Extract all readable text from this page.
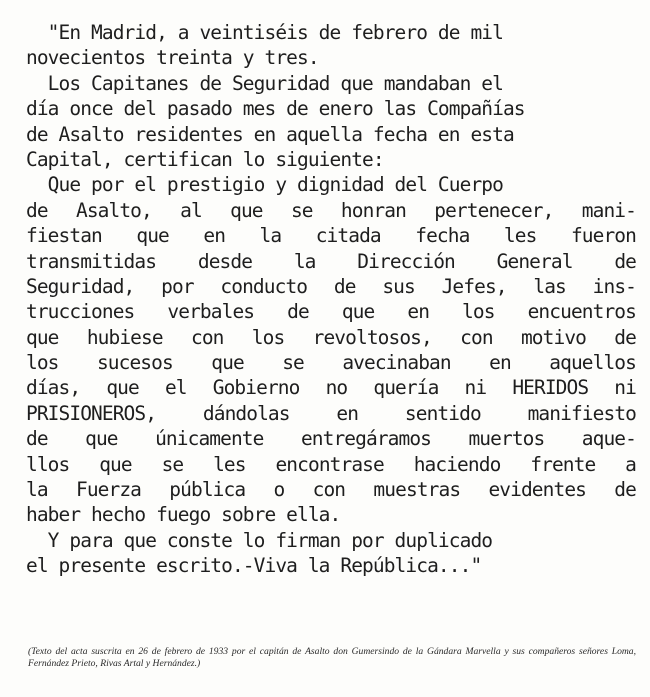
"En Madrid, a veintiséis de febrero de mil
novecientos treinta y tres.
Los Capitanes de Seguridad que mandaban el
día once del pasado mes de enero las Compañías
de Asalto residentes en aquella fecha en esta
Capital, certifican lo siguiente:
Que por el prestigio y dignidad del Cuerpo
de Asalto, al que se honran pertenecer, mani-
fiestan que en la citada fecha les fueron
transmitidas desde la Dirección General de
Seguridad, por conducto de sus Jefes, las ins-
trucciones verbales de que en los encuentros
que hubiese con los revoltosos, con motivo de
los sucesos que se avecinaban en aquellos
días, que el Gobierno no quería ni HERIDOS ni
PRISIONEROS, dándolas en sentido manifiesto
de que únicamente entregáramos muertos aque-
llos que se les encontrase haciendo frente a
la Fuerza pública o con muestras evidentes de
haber hecho fuego sobre ella.
Y para que conste lo firman por duplicado
el presente escrito.-Viva la República..."
(Texto del acta suscrita en 26 de febrero de 1933 por el capitán de Asalto don Gumersindo de la Gándara Marvella y sus compañeros señores Loma, Fernández Prieto, Rivas Artal y Hernández.)
